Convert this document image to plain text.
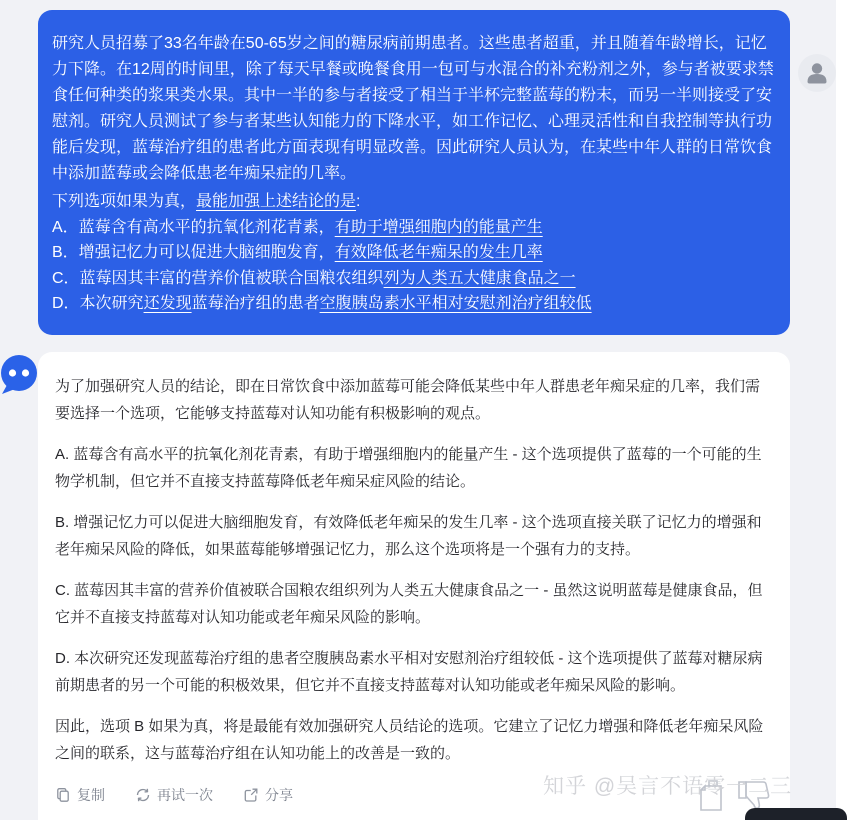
研究人员招募了33名年龄在50-65岁之间的糖尿病前期患者。这些患者超重，并且随着年龄增长，记忆力下降。在12周的时间里，除了每天早餐或晚餐食用一包可与水混合的补充粉剂之外，参与者被要求禁食任何种类的浆果类水果。其中一半的参与者接受了相当于半杯完整蓝莓的粉末，而另一半则接受了安慰剂。研究人员测试了参与者某些认知能力的下降水平，如工作记忆、心理灵活性和自我控制等执行功能后发现，蓝莓治疗组的患者此方面表现有明显改善。因此研究人员认为，在某些中年人群的日常饮食中添加蓝莓或会降低患老年痴呆症的几率。

下列选项如果为真，最能加强上述结论的是:
A．蓝莓含有高水平的抗氧化剂花青素，有助于增强细胞内的能量产生
B．增强记忆力可以促进大脑细胞发育，有效降低老年痴呆的发生几率
C．蓝莓因其丰富的营养价值被联合国粮农组织列为人类五大健康食品之一
D．本次研究还发现蓝莓治疗组的患者空腹胰岛素水平相对安慰剂治疗组较低

为了加强研究人员的结论，即在日常饮食中添加蓝莓可能会降低某些中年人群患老年痴呆症的几率，我们需要选择一个选项，它能够支持蓝莓对认知功能有积极影响的观点。

A. 蓝莓含有高水平的抗氧化剂花青素，有助于增强细胞内的能量产生 - 这个选项提供了蓝莓的一个可能的生物学机制，但它并不直接支持蓝莓降低老年痴呆症风险的结论。

B. 增强记忆力可以促进大脑细胞发育，有效降低老年痴呆的发生几率 - 这个选项直接关联了记忆力的增强和老年痴呆风险的降低，如果蓝莓能够增强记忆力，那么这个选项将是一个强有力的支持。

C. 蓝莓因其丰富的营养价值被联合国粮农组织列为人类五大健康食品之一 - 虽然这说明蓝莓是健康食品，但它并不直接支持蓝莓对认知功能或老年痴呆风险的影响。

D. 本次研究还发现蓝莓治疗组的患者空腹胰岛素水平相对安慰剂治疗组较低 - 这个选项提供了蓝莓对糖尿病前期患者的另一个可能的积极效果，但它并不直接支持蓝莓对认知功能或老年痴呆风险的影响。

因此，选项 B 如果为真，将是最能有效加强研究人员结论的选项。它建立了记忆力增强和降低老年痴呆风险之间的联系，这与蓝莓治疗组在认知功能上的改善是一致的。

复制	再试一次	分享	知乎 @吴言不语零一二三
